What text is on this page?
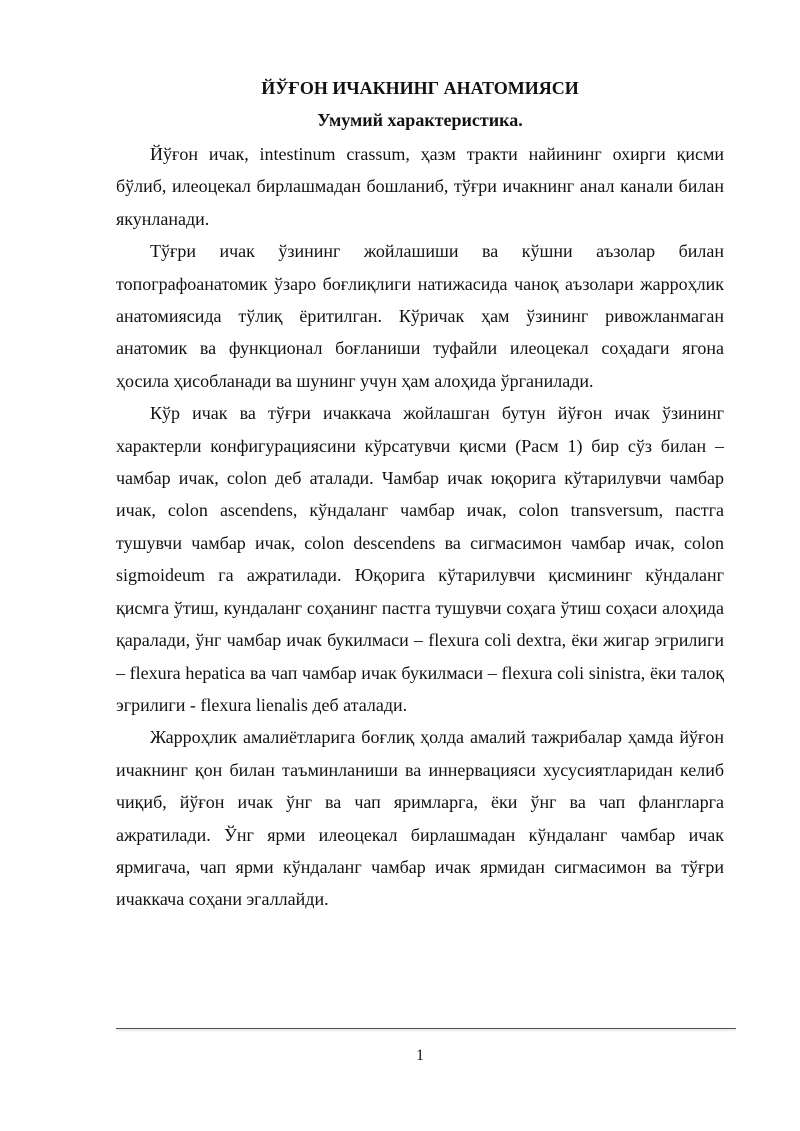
ЙЎҒОН ИЧАКНИНГ АНАТОМИЯСИ
Умумий характеристика.

Йўғон ичак, intestinum crassum, ҳазм тракти найининг охирги қисми бўлиб, илеоцекал бирлашмадан бошланиб, тўғри ичакнинг анал канали билан якунланади.

Тўғри ичак ўзининг жойлашиши ва кўшни аъзолар билан топографоанатомик ўзаро боғлиқлиги натижасида чаноқ аъзолари жарроҳлик анатомиясида тўлиқ ёритилган. Кўричак ҳам ўзининг ривожланмаган анатомик ва функционал боғланиши туфайли илеоцекал соҳадаги ягона ҳосила ҳисобланади ва шунинг учун ҳам алоҳида ўрганилади.

Кўр ичак ва тўғри ичаккача жойлашган бутун йўғон ичак ўзининг характерли конфигурациясини кўрсатувчи қисми (Расм 1) бир сўз билан – чамбар ичак, colon деб аталади. Чамбар ичак юқорига кўтарилувчи чамбар ичак, colon ascendens, кўндаланг чамбар ичак, colon transversum, пастга тушувчи чамбар ичак, colon descendens ва сигмасимон чамбар ичак, colon sigmoideum га ажратилади. Юқорига кўтарилувчи қисмининг кўндаланг қисмга ўтиш, кундаланг соҳанинг пастга тушувчи соҳага ўтиш соҳаси алоҳида қаралади, ўнг чамбар ичак букилмаси – flexura coli dextra, ёки жигар эгрилиги – flexura hepatica ва чап чамбар ичак букилмаси – flexura coli sinistra, ёки талоқ эгрилиги - flexura lienalis деб аталади.

Жарроҳлик амалиётларига боғлиқ ҳолда амалий тажрибалар ҳамда йўғон ичакнинг қон билан таъминланиши ва иннервацияси хусусиятларидан келиб чиқиб, йўғон ичак ўнг ва чап яримларга, ёки ўнг ва чап флангларга ажратилади. Ўнг ярми илеоцекал бирлашмадан кўндаланг чамбар ичак ярмигача, чап ярми кўндаланг чамбар ичак ярмидан сигмасимон ва тўғри ичаккача соҳани эгаллайди.

1
